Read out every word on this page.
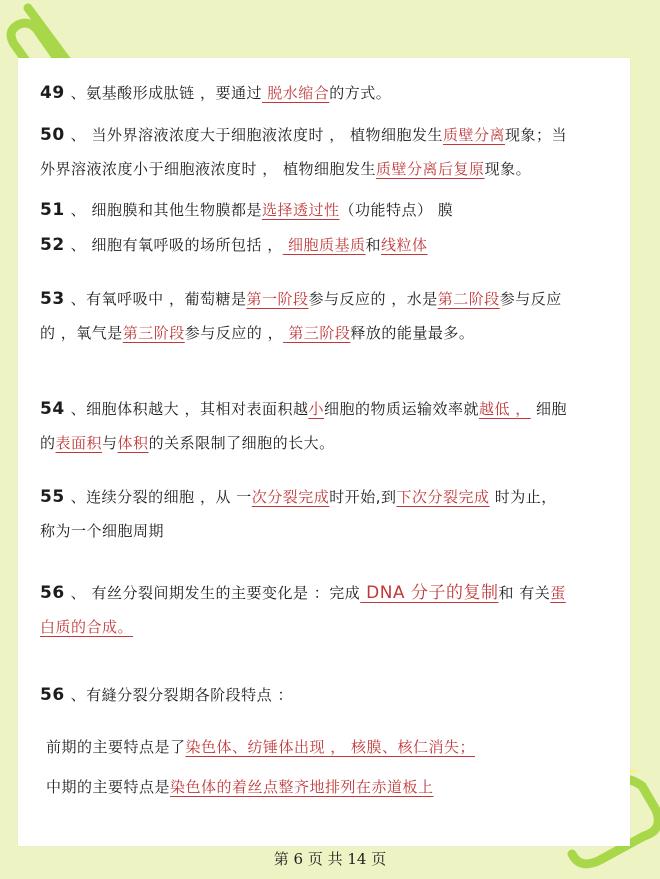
49 、氨基酸形成肽链 ，要通过 脱水缩合的方式。
50 、 当外界溶液浓度大于细胞液浓度时 ， 植物细胞发生质壁分离现象；当
外界溶液浓度小于细胞液浓度时 ， 植物细胞发生质壁分离后复原现象。
51 、 细胞膜和其他生物膜都是选择透过性（功能特点） 膜
52 、 细胞有氧呼吸的场所包括 ， 细胞质基质和线粒体
53 、有氧呼吸中 ，葡萄糖是第一阶段参与反应的 ，水是第二阶段参与反应
的 ，氧气是第三阶段参与反应的 ， 第三阶段释放的能量最多。
54 、细胞体积越大 ，其相对表面积越小细胞的物质运输效率就越低 ， 细胞
的表面积与体积的关系限制了细胞的长大。
55 、连续分裂的细胞 ，从 一次分裂完成时开始,到下次分裂完成 时为止，
称为一个细胞周期
56 、 有丝分裂间期发生的主要变化是 ：完成 DNA 分子的复制和 有关蛋
白质的合成。
56 、有縫分裂分裂期各阶段特点 ：
前期的主要特点是了染色体、纺锤体出现 ， 核膜、核仁消失；
中期的主要特点是染色体的着丝点整齐地排列在赤道板上
第 6 页 共 14 页
